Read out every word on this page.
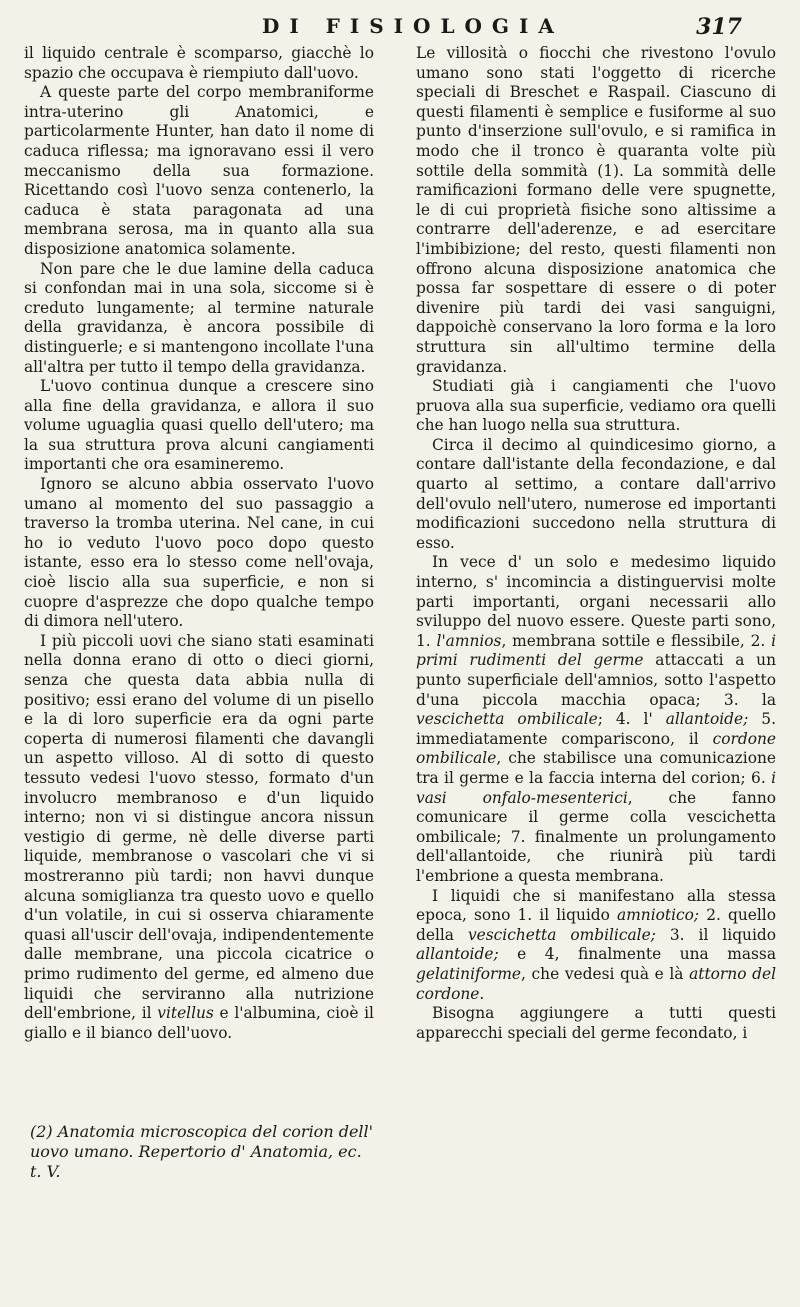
DI FISIOLOGIA	317

il liquido centrale è scomparso, giacchè lo spazio che occupava è riempiuto dall'uovo.

A queste parte del corpo membraniforme intra-uterino gli Anatomici, e particolarmente Hunter, han dato il nome di caduca riflessa; ma ignoravano essi il vero meccanismo della sua formazione. Ricettando così l'uovo senza contenerlo, la caduca è stata paragonata ad una membrana serosa, ma in quanto alla sua disposizione anatomica solamente.

Non pare che le due lamine della caduca si confondan mai in una sola, siccome si è creduto lungamente; al termine naturale della gravidanza, è ancora possibile di distinguerle; e si mantengono incollate l'una all'altra per tutto il tempo della gravidanza.

L'uovo continua dunque a crescere sino alla fine della gravidanza, e allora il suo volume uguaglia quasi quello dell'utero; ma la sua struttura prova alcuni cangiamenti importanti che ora esamineremo.

Ignoro se alcuno abbia osservato l'uovo umano al momento del suo passaggio a traverso la tromba uterina. Nel cane, in cui ho io veduto l'uovo poco dopo questo istante, esso era lo stesso come nell'ovaja, cioè liscio alla sua superficie, e non si cuopre d'asprezze che dopo qualche tempo di dimora nell'utero.

I più piccoli uovi che siano stati esaminati nella donna erano di otto o dieci giorni, senza che questa data abbia nulla di positivo; essi erano del volume di un pisello e la di loro superficie era da ogni parte coperta di numerosi filamenti che davangli un aspetto villoso. Al di sotto di questo tessuto vedesi l'uovo stesso, formato d'un involucro membranoso e d'un liquido interno; non vi si distingue ancora nissun vestigio di germe, nè delle diverse parti liquide, membranose o vascolari che vi si mostreranno più tardi; non havvi dunque alcuna somiglianza tra questo uovo e quello d'un volatile, in cui si osserva chiaramente quasi all'uscir dell'ovaja, indipendentemente dalle membrane, una piccola cicatrice o primo rudimento del germe, ed almeno due liquidi che serviranno alla nutrizione dell'embrione, il vitellus e l'albumina, cioè il giallo e il bianco dell'uovo.

Le villosità o fiocchi che rivestono l'ovulo umano sono stati l'oggetto di ricerche speciali di Breschet e Raspail. Ciascuno di questi filamenti è semplice e fusiforme al suo punto d'inserzione sull'ovulo, e si ramifica in modo che il tronco è quaranta volte più sottile della sommità (1). La sommità delle ramificazioni formano delle vere spugnette, le di cui proprietà fisiche sono altissime a contrarre dell'aderenze, e ad esercitare l'imbibizione; del resto, questi filamenti non offrono alcuna disposizione anatomica che possa far sospettare di essere o di poter divenire più tardi dei vasi sanguigni, dappoichè conservano la loro forma e la loro struttura sin all'ultimo termine della gravidanza.

Studiati già i cangiamenti che l'uovo pruova alla sua superficie, vediamo ora quelli che han luogo nella sua struttura.

Circa il decimo al quindicesimo giorno, a contare dall'istante della fecondazione, e dal quarto al settimo, a contare dall'arrivo dell'ovulo nell'utero, numerose ed importanti modificazioni succedono nella struttura di esso.

In vece d' un solo e medesimo liquido interno, s' incomincia a distinguervisi molte parti importanti, organi necessarii allo sviluppo del nuovo essere. Queste parti sono, 1. l'amnios, membrana sottile e flessibile, 2. i primi rudimenti del germe attaccati a un punto superficiale dell'amnios, sotto l'aspetto d'una piccola macchia opaca; 3. la vescichetta ombilicale; 4. l' allantoide; 5. immediatamente compariscono, il cordone ombilicale, che stabilisce una comunicazione tra il germe e la faccia interna del corion; 6. i vasi onfalo-mesenterici, che fanno comunicare il germe colla vescichetta ombilicale; 7. finalmente un prolungamento dell'allantoide, che riunirà più tardi l'embrione a questa membrana.

I liquidi che si manifestano alla stessa epoca, sono 1. il liquido amniotico; 2. quello della vescichetta ombilicale; 3. il liquido allantoide; e 4, finalmente una massa gelatiniforme, che vedesi quà e là attorno del cordone.

Bisogna aggiungere a tutti questi apparecchi speciali del germe fecondato, i

(2) Anatomia microscopica del corion dell' uovo umano. Repertorio d' Anatomia, ec. t. V.
